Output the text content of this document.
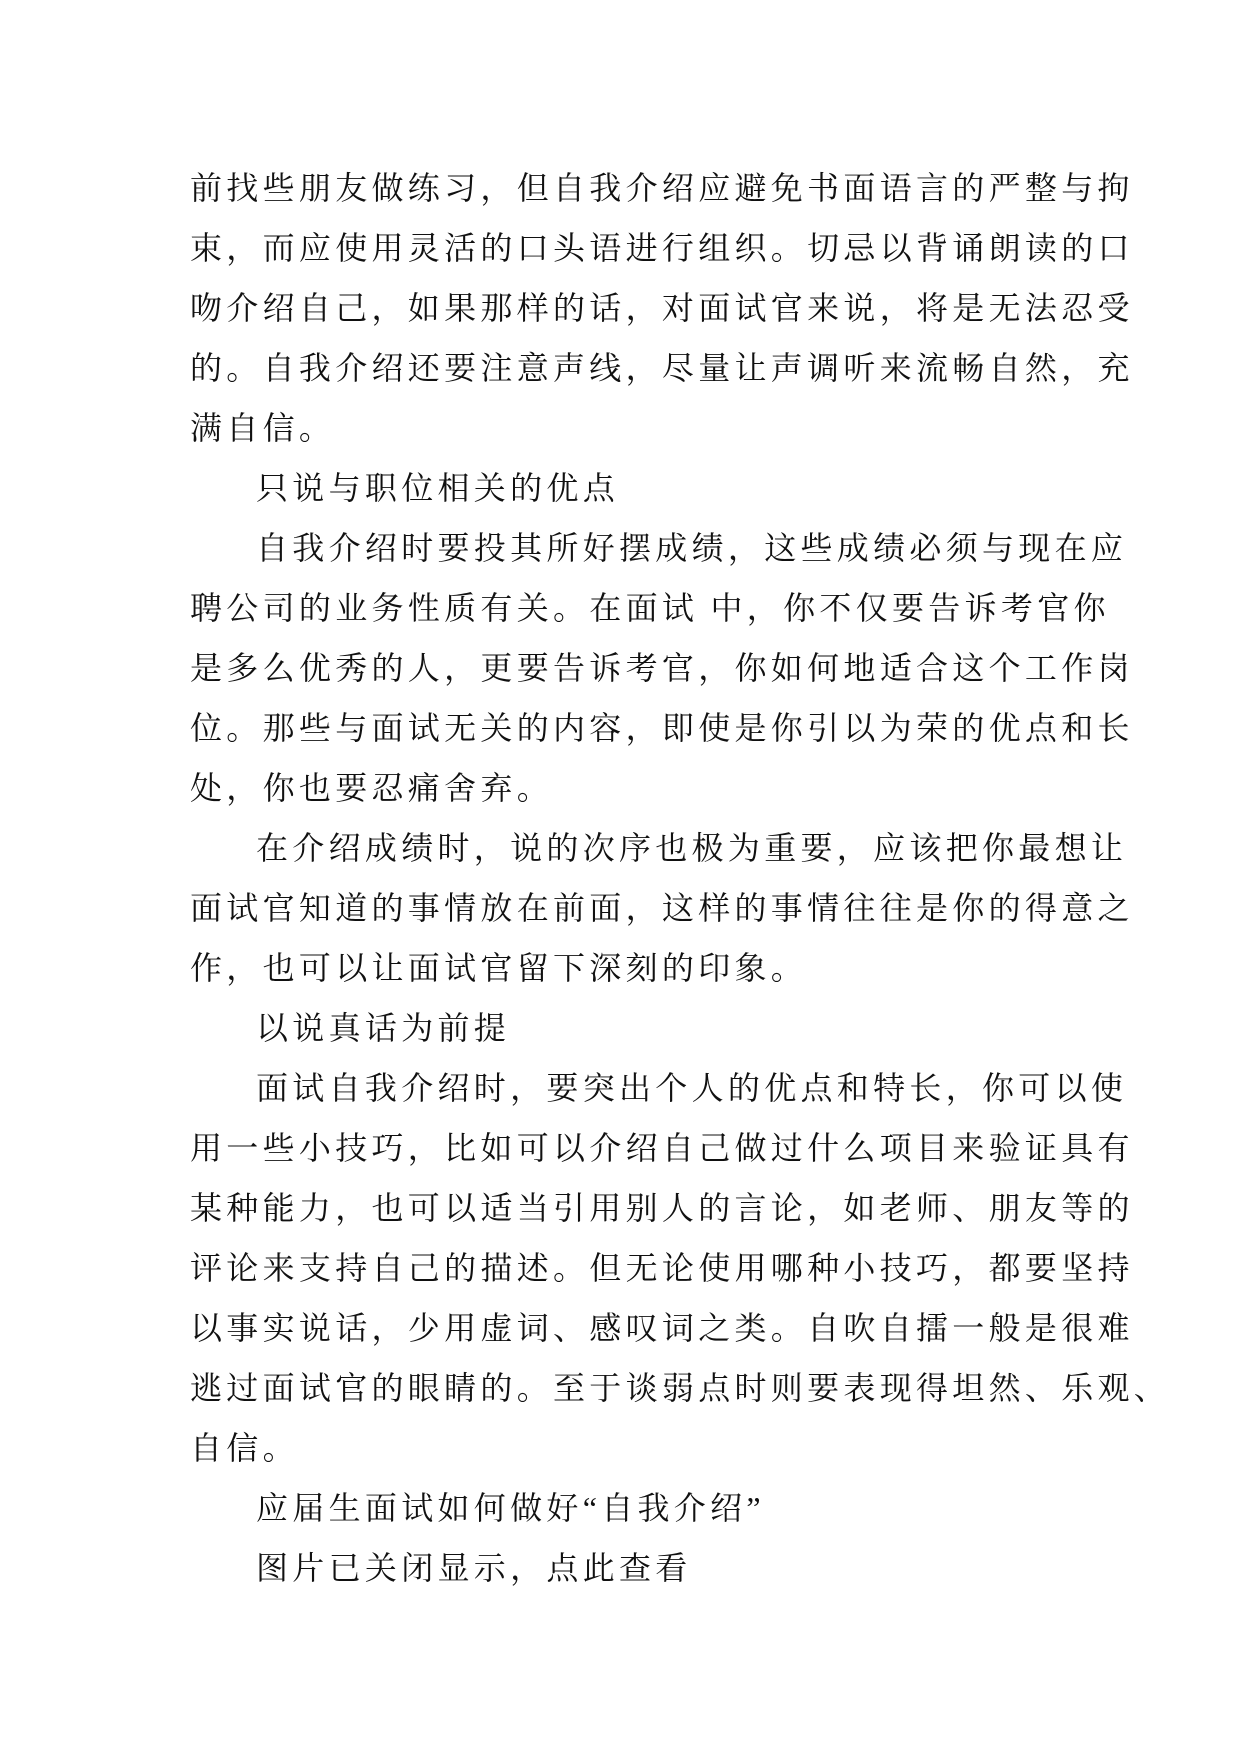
前找些朋友做练习，但自我介绍应避免书面语言的严整与拘
束，而应使用灵活的口头语进行组织。切忌以背诵朗读的口
吻介绍自己，如果那样的话，对面试官来说，将是无法忍受
的。自我介绍还要注意声线，尽量让声调听来流畅自然，充
满自信。
只说与职位相关的优点
自我介绍时要投其所好摆成绩，这些成绩必须与现在应
聘公司的业务性质有关。在面试 中，你不仅要告诉考官你
是多么优秀的人，更要告诉考官，你如何地适合这个工作岗
位。那些与面试无关的内容，即使是你引以为荣的优点和长
处，你也要忍痛舍弃。
在介绍成绩时，说的次序也极为重要，应该把你最想让
面试官知道的事情放在前面，这样的事情往往是你的得意之
作，也可以让面试官留下深刻的印象。
以说真话为前提
面试自我介绍时，要突出个人的优点和特长，你可以使
用一些小技巧，比如可以介绍自己做过什么项目来验证具有
某种能力，也可以适当引用别人的言论，如老师、朋友等的
评论来支持自己的描述。但无论使用哪种小技巧，都要坚持
以事实说话，少用虚词、感叹词之类。自吹自擂一般是很难
逃过面试官的眼睛的。至于谈弱点时则要表现得坦然、乐观、
自信。
应届生面试如何做好“自我介绍”
图片已关闭显示，点此查看
